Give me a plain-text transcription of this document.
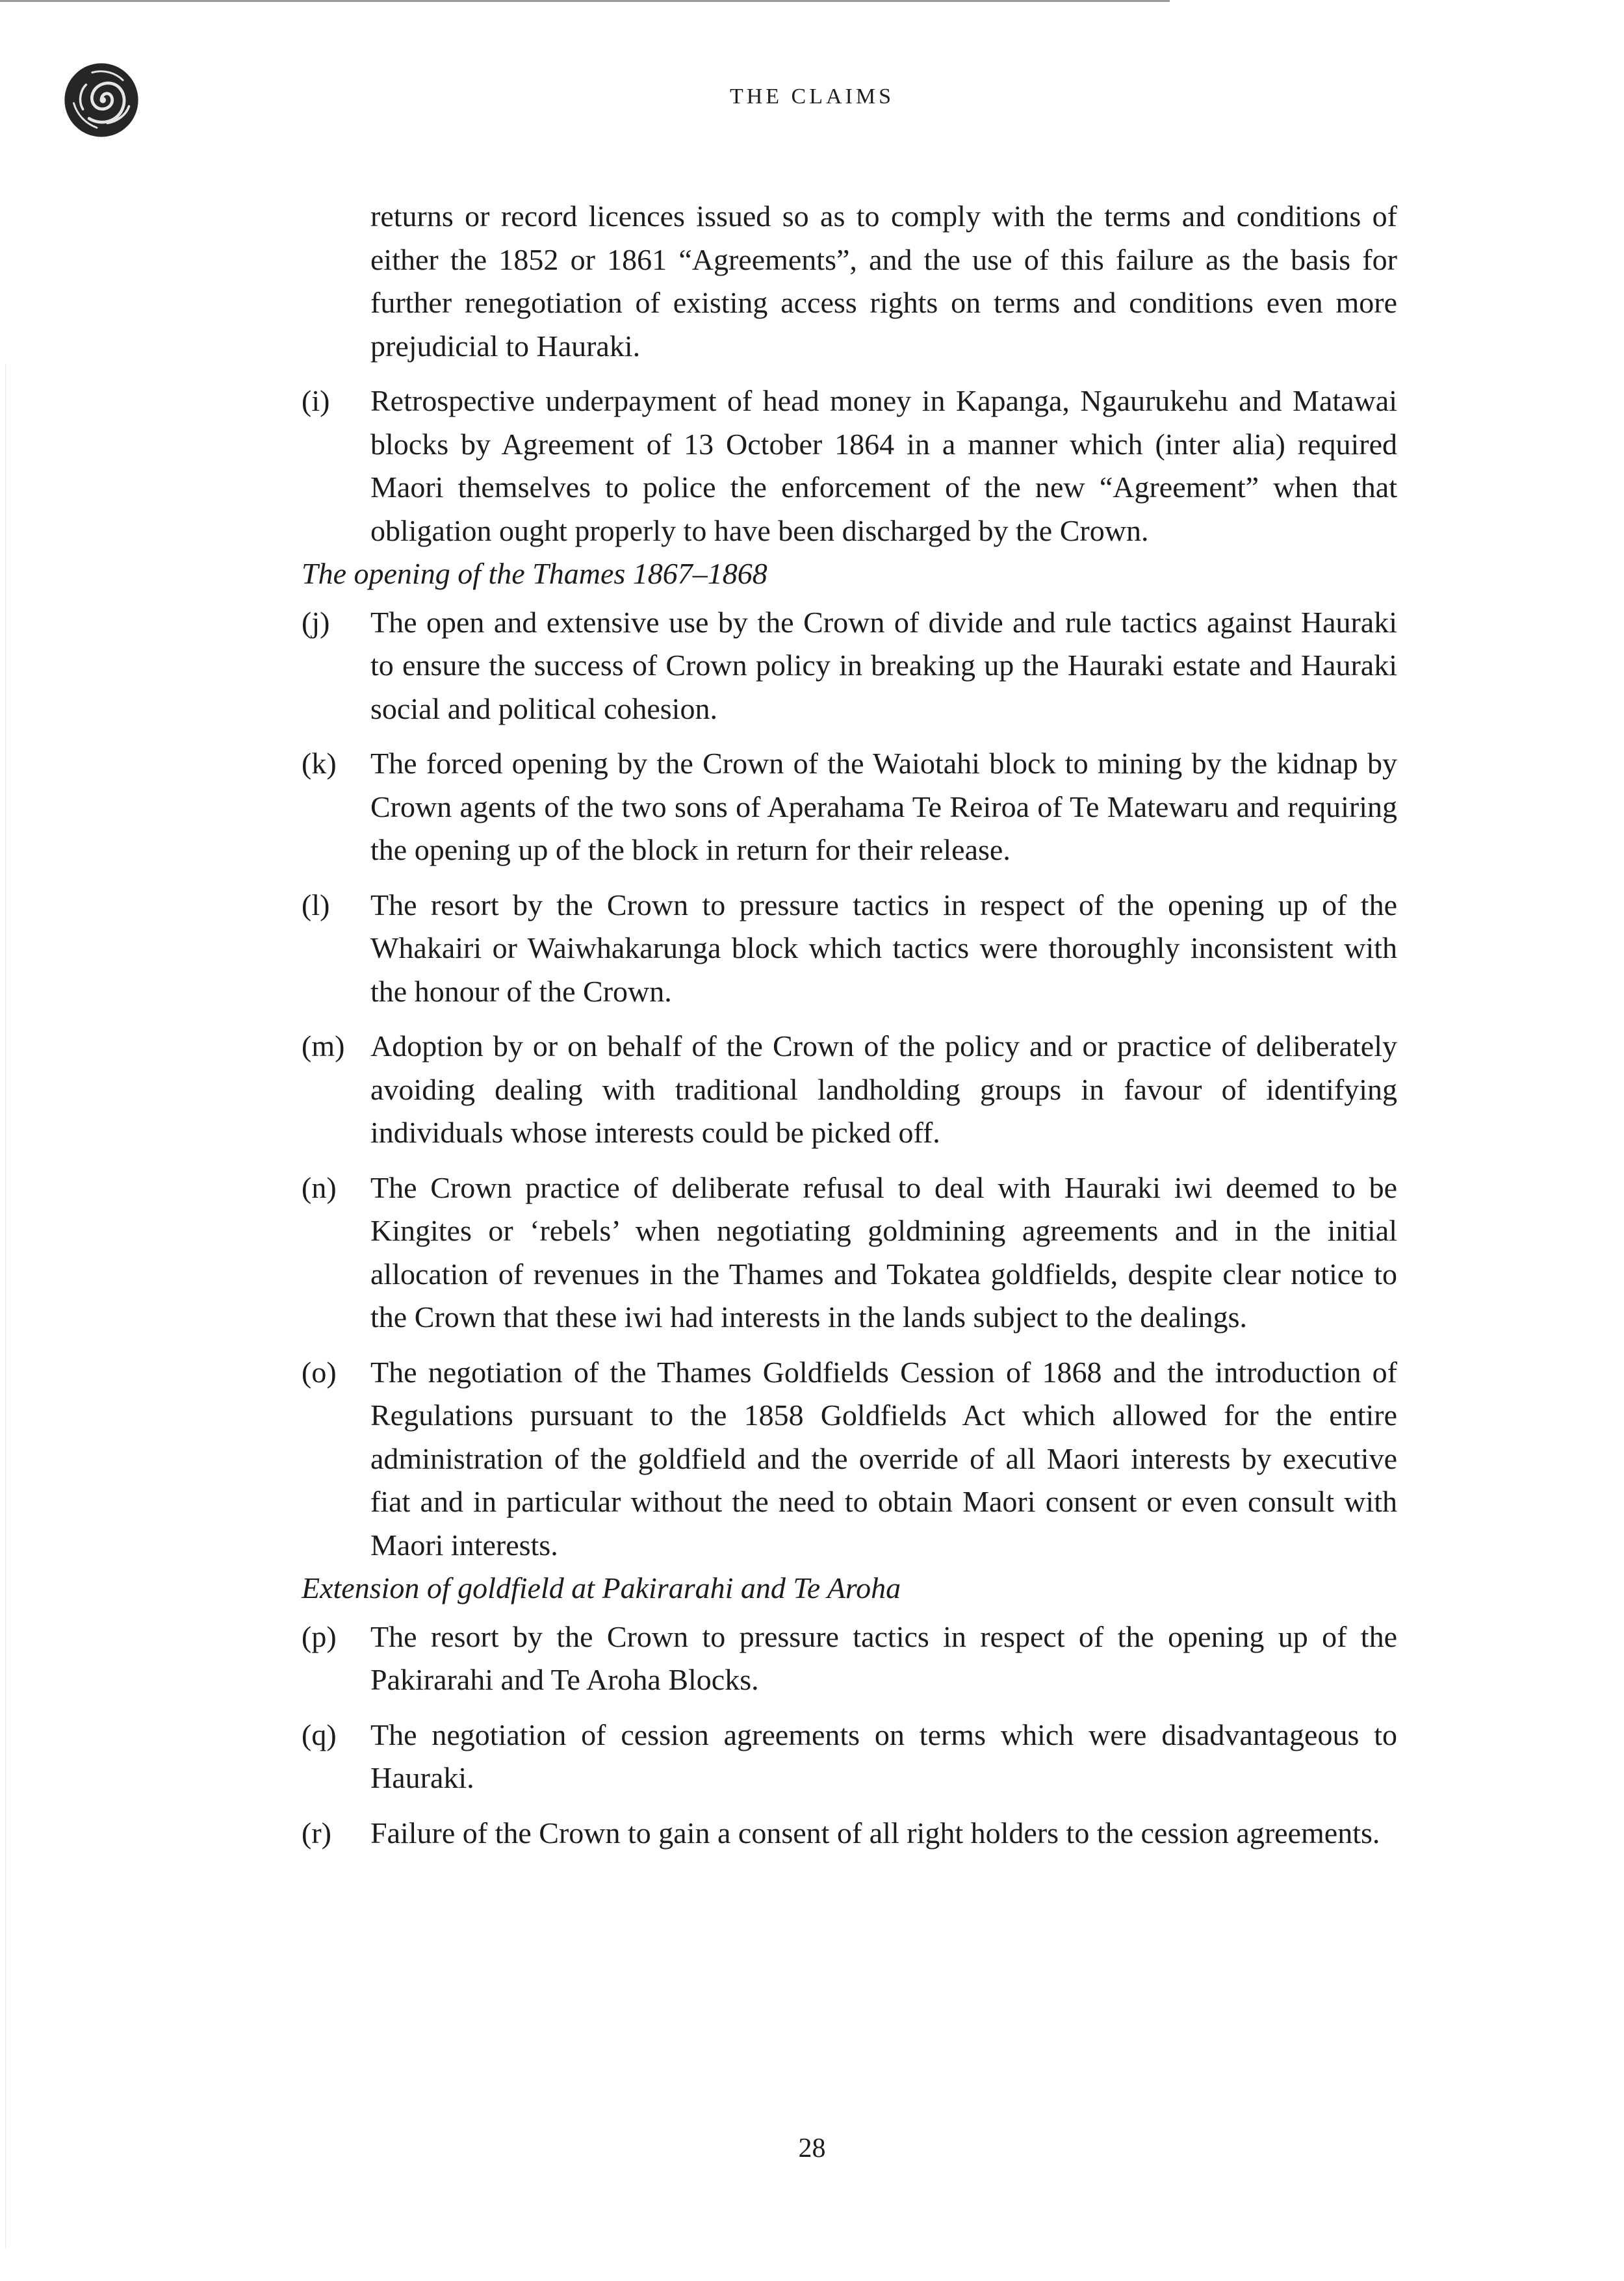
THE CLAIMS

returns or record licences issued so as to comply with the terms and conditions of either the 1852 or 1861 “Agreements”, and the use of this failure as the basis for further renegotiation of existing access rights on terms and conditions even more prejudicial to Hauraki.

(i) Retrospective underpayment of head money in Kapanga, Ngaurukehu and Matawai blocks by Agreement of 13 October 1864 in a manner which (inter alia) required Maori themselves to police the enforcement of the new “Agreement” when that obligation ought properly to have been discharged by the Crown.

The opening of the Thames 1867–1868

(j) The open and extensive use by the Crown of divide and rule tactics against Hauraki to ensure the success of Crown policy in breaking up the Hauraki estate and Hauraki social and political cohesion.
(k) The forced opening by the Crown of the Waiotahi block to mining by the kidnap by Crown agents of the two sons of Aperahama Te Reiroa of Te Matewaru and requiring the opening up of the block in return for their release.
(l) The resort by the Crown to pressure tactics in respect of the opening up of the Whakairi or Waiwhakarunga block which tactics were thoroughly inconsistent with the honour of the Crown.
(m) Adoption by or on behalf of the Crown of the policy and or practice of deliberately avoiding dealing with traditional landholding groups in favour of identifying individuals whose interests could be picked off.
(n) The Crown practice of deliberate refusal to deal with Hauraki iwi deemed to be Kingites or ‘rebels’ when negotiating goldmining agreements and in the initial allocation of revenues in the Thames and Tokatea goldfields, despite clear notice to the Crown that these iwi had interests in the lands subject to the dealings.
(o) The negotiation of the Thames Goldfields Cession of 1868 and the introduction of Regulations pursuant to the 1858 Goldfields Act which allowed for the entire administration of the goldfield and the override of all Maori interests by executive fiat and in particular without the need to obtain Maori consent or even consult with Maori interests.

Extension of goldfield at Pakirarahi and Te Aroha

(p) The resort by the Crown to pressure tactics in respect of the opening up of the Pakirarahi and Te Aroha Blocks.
(q) The negotiation of cession agreements on terms which were disadvantageous to Hauraki.
(r) Failure of the Crown to gain a consent of all right holders to the cession agreements.
28
